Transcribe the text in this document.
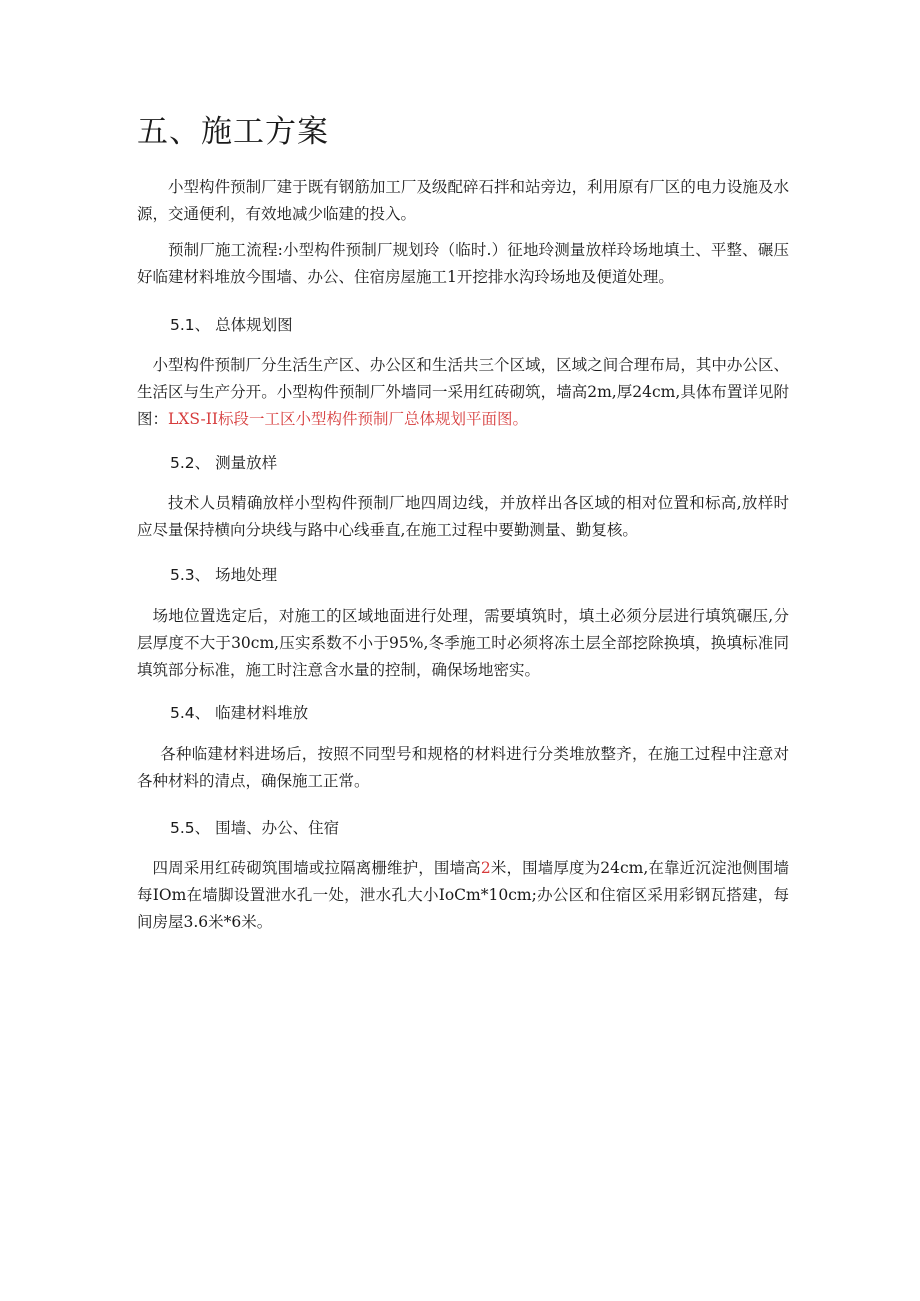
五、施工方案

小型构件预制厂建于既有钢筋加工厂及级配碎石拌和站旁边，利用原有厂区的电力设施及水源，交通便利，有效地减少临建的投入。

预制厂施工流程:小型构件预制厂规划玲（临时.）征地玲测量放样玲场地填土、平整、碾压好临建材料堆放今围墙、办公、住宿房屋施工1开挖排水沟玲场地及便道处理。

5.1、 总体规划图

小型构件预制厂分生活生产区、办公区和生活共三个区域，区域之间合理布局，其中办公区、生活区与生产分开。小型构件预制厂外墙同一采用红砖砌筑，墙高2m,厚24cm,具体布置详见附图：LXS-II标段一工区小型构件预制厂总体规划平面图。

5.2、 测量放样

技术人员精确放样小型构件预制厂地四周边线，并放样出各区域的相对位置和标高,放样时应尽量保持横向分块线与路中心线垂直,在施工过程中要勤测量、勤复核。

5.3、 场地处理

场地位置选定后，对施工的区域地面进行处理，需要填筑时，填土必须分层进行填筑碾压,分层厚度不大于30cm,压实系数不小于95%,冬季施工时必须将冻土层全部挖除换填，换填标准同填筑部分标准，施工时注意含水量的控制，确保场地密实。

5.4、 临建材料堆放

各种临建材料进场后，按照不同型号和规格的材料进行分类堆放整齐，在施工过程中注意对各种材料的清点，确保施工正常。

5.5、 围墙、办公、住宿

四周采用红砖砌筑围墙或拉隔离栅维护，围墙高2米，围墙厚度为24cm,在靠近沉淀池侧围墙每IOm在墙脚设置泄水孔一处，泄水孔大小IoCm*10cm;办公区和住宿区采用彩钢瓦搭建，每间房屋3.6米*6米。
